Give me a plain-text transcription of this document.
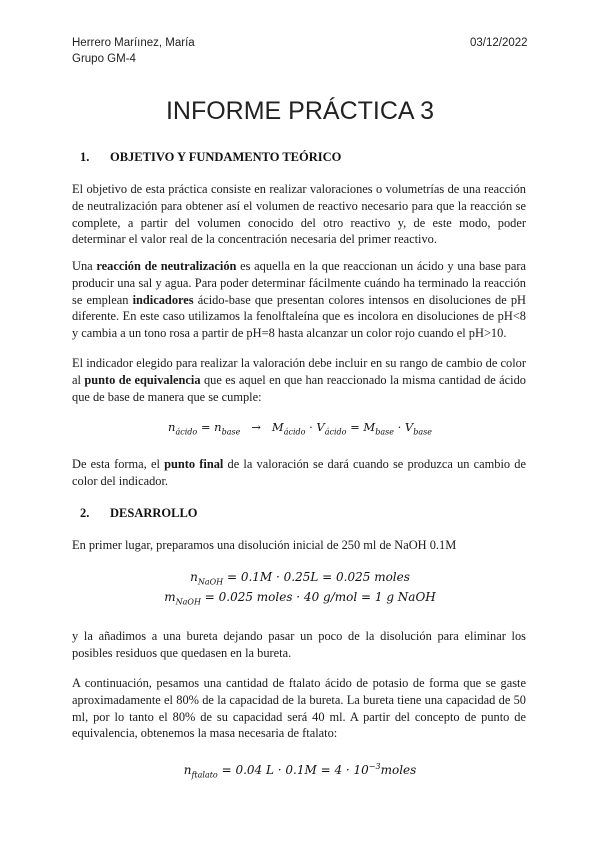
Herrero Maríınez, María
Grupo GM-4
03/12/2022
INFORME PRÁCTICA 3
1. OBJETIVO Y FUNDAMENTO TEÓRICO
El objetivo de esta práctica consiste en realizar valoraciones o volumetrías de una reacción de neutralización para obtener así el volumen de reactivo necesario para que la reacción se complete, a partir del volumen conocido del otro reactivo y, de este modo, poder determinar el valor real de la concentración necesaria del primer reactivo.
Una reacción de neutralización es aquella en la que reaccionan un ácido y una base para producir una sal y agua. Para poder determinar fácilmente cuándo ha terminado la reacción se emplean indicadores ácido-base que presentan colores intensos en disoluciones de pH diferente. En este caso utilizamos la fenolftaleína que es incolora en disoluciones de pH<8 y cambia a un tono rosa a partir de pH=8 hasta alcanzar un color rojo cuando el pH>10.
El indicador elegido para realizar la valoración debe incluir en su rango de cambio de color al punto de equivalencia que es aquel en que han reaccionado la misma cantidad de ácido que de base de manera que se cumple:
$n_{ácido} = n_{base} \to M_{ácido} \cdot V_{ácido} = M_{base} \cdot V_{base}$
De esta forma, el punto final de la valoración se dará cuando se produzca un cambio de color del indicador.
2. DESARROLLO
En primer lugar, preparamos una disolución inicial de 250 ml de NaOH 0.1M
$n_{NaOH} = 0.1M \cdot 0.25L = 0.025$ moles
$m_{NaOH} = 0.025$ moles · 40 g/mol = 1 g NaOH
y la añadimos a una bureta dejando pasar un poco de la disolución para eliminar los posibles residuos que quedasen en la bureta.
A continuación, pesamos una cantidad de ftalato ácido de potasio de forma que se gaste aproximadamente el 80% de la capacidad de la bureta. La bureta tiene una capacidad de 50 ml, por lo tanto el 80% de su capacidad será 40 ml. A partir del concepto de punto de equivalencia, obtenemos la masa necesaria de ftalato:
$n_{ftalato} = 0.04$ $L \cdot 0.1M = 4 \cdot 10^{-3}moles$
